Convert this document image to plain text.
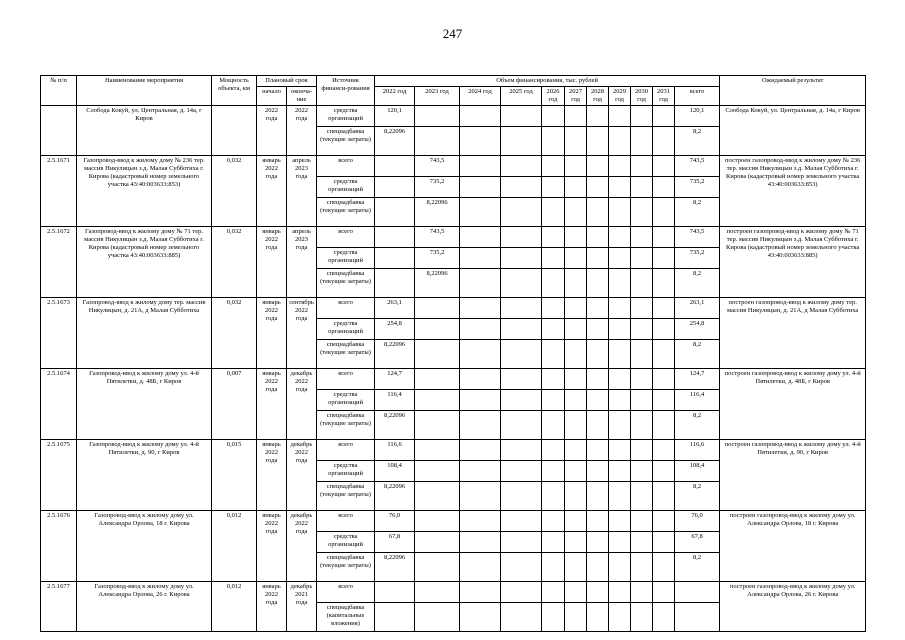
247
№ п/п	Наименование мероприятия	Мощность объекта, км	Плановый срок		Источник финанси-рования	Объем финансирования, тыс. рублей											Ожидаемый результат
			начало	оконча-ние		2022 год	2023 год	2024 год	2025 год	2026 год	2027 год	2028 год	2029 год	2030 год	2031 год	всего	
	Слобода Кокуй, ул. Центральная, д. 14а, г Киров		2022 года	2022 года	средства организаций	120,1										120,1	Слобода Кокуй, ул. Центральная, д. 14а, г Киров
					спецнадбавка (текущие затраты)	8,22096										8,2	
2.5.1671	Газопровод-ввод к жилому дому № 236 тер. массив Никулицын з.д. Малая Субботиха г. Кирова (кадастровый номер земельного участка 43:40:003633:853)	0,032	январь 2022 года	апрель 2023 года	всего		743,5									743,5	построен газопровод-ввод к жилому дому № 236 тер. массив Никулицын з.д. Малая Субботиха г. Кирова (кадастровый номер земельного участка 43:40:003633:853)
					средства организаций		735,2									735,2	
					спецнадбавка (текущие затраты)		8,22096									8,2	
2.5.1672	Газопровод-ввод к жилому дому № 71 тер. массив Никулицын з.д. Малая Субботиха г. Кирова (кадастровый номер земельного участка 43:40:003633:885)	0,032	январь 2022 года	апрель 2023 года	всего		743,5									743,5	построен газопровод-ввод к жилому дому № 71 тер. массив Никулицын з.д. Малая Субботиха г. Кирова (кадастровый номер земельного участка 43:40:003633:885)
					средства организаций		735,2									735,2	
					спецнадбавка (текущие затраты)		8,22096									8,2	
2.5.1673	Газопровод-ввод к жилому дому тер. массив Никулицын, д. 21А, д Малая Субботиха	0,032	январь 2022 года	сентябрь 2022 года	всего	263,1										263,1	построен газопровод-ввод к жилому дому тер. массив Никулицын, д. 21А, д Малая Субботиха
					средства организаций	254,8										254,8	
					спецнадбавка (текущие затраты)	8,22096										8,2	
2.5.1674	Газопровод-ввод к жилому дому ул. 4-й Пятилетки, д. 48Б, г Киров	0,007	январь 2022 года	декабрь 2022 года	всего	124,7										124,7	построен газопровод-ввод к жилому дому ул. 4-й Пятилетки, д. 48Б, г Киров
					средства организаций	116,4										116,4	
					спецнадбавка (текущие затраты)	8,22096										8,2	
2.5.1675	Газопровод-ввод к жилому дому ул. 4-й Пятилетки, д. 90, г Киров	0,015	январь 2022 года	декабрь 2022 года	всего	116,6										116,6	построен газопровод-ввод к жилому дому ул. 4-й Пятилетки, д. 90, г Киров
					средства организаций	108,4										108,4	
					спецнадбавка (текущие затраты)	8,22096										8,2	
2.5.1676	Газопровод-ввод к жилому дому ул. Александра Орлова, 18 г. Кирова	0,012	январь 2022 года	декабрь 2022 года	всего	76,0										76,0	построен газопровод-ввод к жилому дому ул. Александра Орлова, 18 г. Кирова
					средства организаций	67,8										67,8	
					спецнадбавка (текущие затраты)	8,22096										8,2	
2.5.1677	Газопровод-ввод к жилому дому ул. Александра Орлова, 26 г. Кирова	0,012	январь 2022 года	декабрь 2021 года	всего												построен газопровод-ввод к жилому дому ул. Александра Орлова, 26 г. Кирова
					спецнадбавка (капитальные вложения)												
